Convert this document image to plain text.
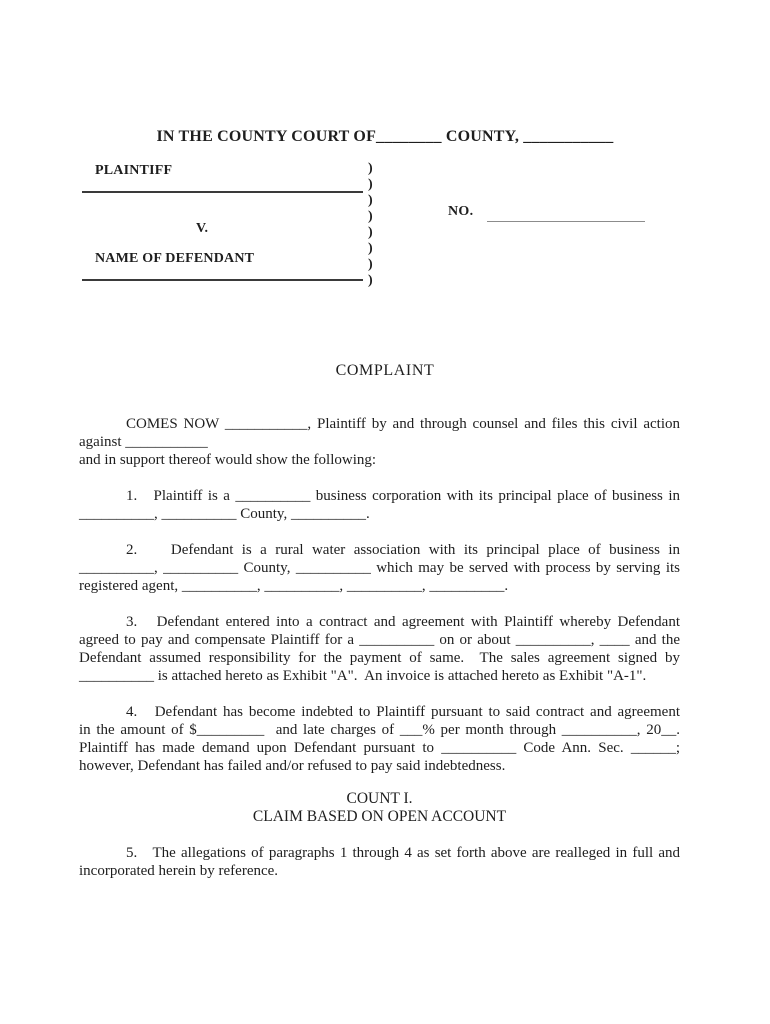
IN THE COUNTY COURT OF________ COUNTY, ___________
PLAINTIFF
V.
NAME OF DEFENDANT
)
)
)
)
)
)
)
)
NO.
COMPLAINT
COMES NOW ___________, Plaintiff by and through counsel and files this civil action
against ___________
and in support thereof would show the following:
1.   Plaintiff is a __________ business corporation with its principal place of business in
__________, __________ County, __________.
2.    Defendant is a rural water association with its principal place of business in
__________, __________ County, __________ which may be served with process by serving its
registered agent, __________, __________, __________, __________.
3.   Defendant entered into a contract and agreement with Plaintiff whereby Defendant
agreed to pay and compensate Plaintiff for a __________ on or about __________, ____ and the
Defendant assumed responsibility for the payment of same.  The sales agreement signed by
__________ is attached hereto as Exhibit "A".  An invoice is attached hereto as Exhibit "A-1".
4.   Defendant has become indebted to Plaintiff pursuant to said contract and agreement
in the amount of $_________  and late charges of ___% per month through __________, 20__.
Plaintiff has made demand upon Defendant pursuant to __________ Code Ann. Sec. ______;
however, Defendant has failed and/or refused to pay said indebtedness.
COUNT I.
CLAIM BASED ON OPEN ACCOUNT
5.   The allegations of paragraphs 1 through 4 as set forth above are realleged in full and
incorporated herein by reference.
